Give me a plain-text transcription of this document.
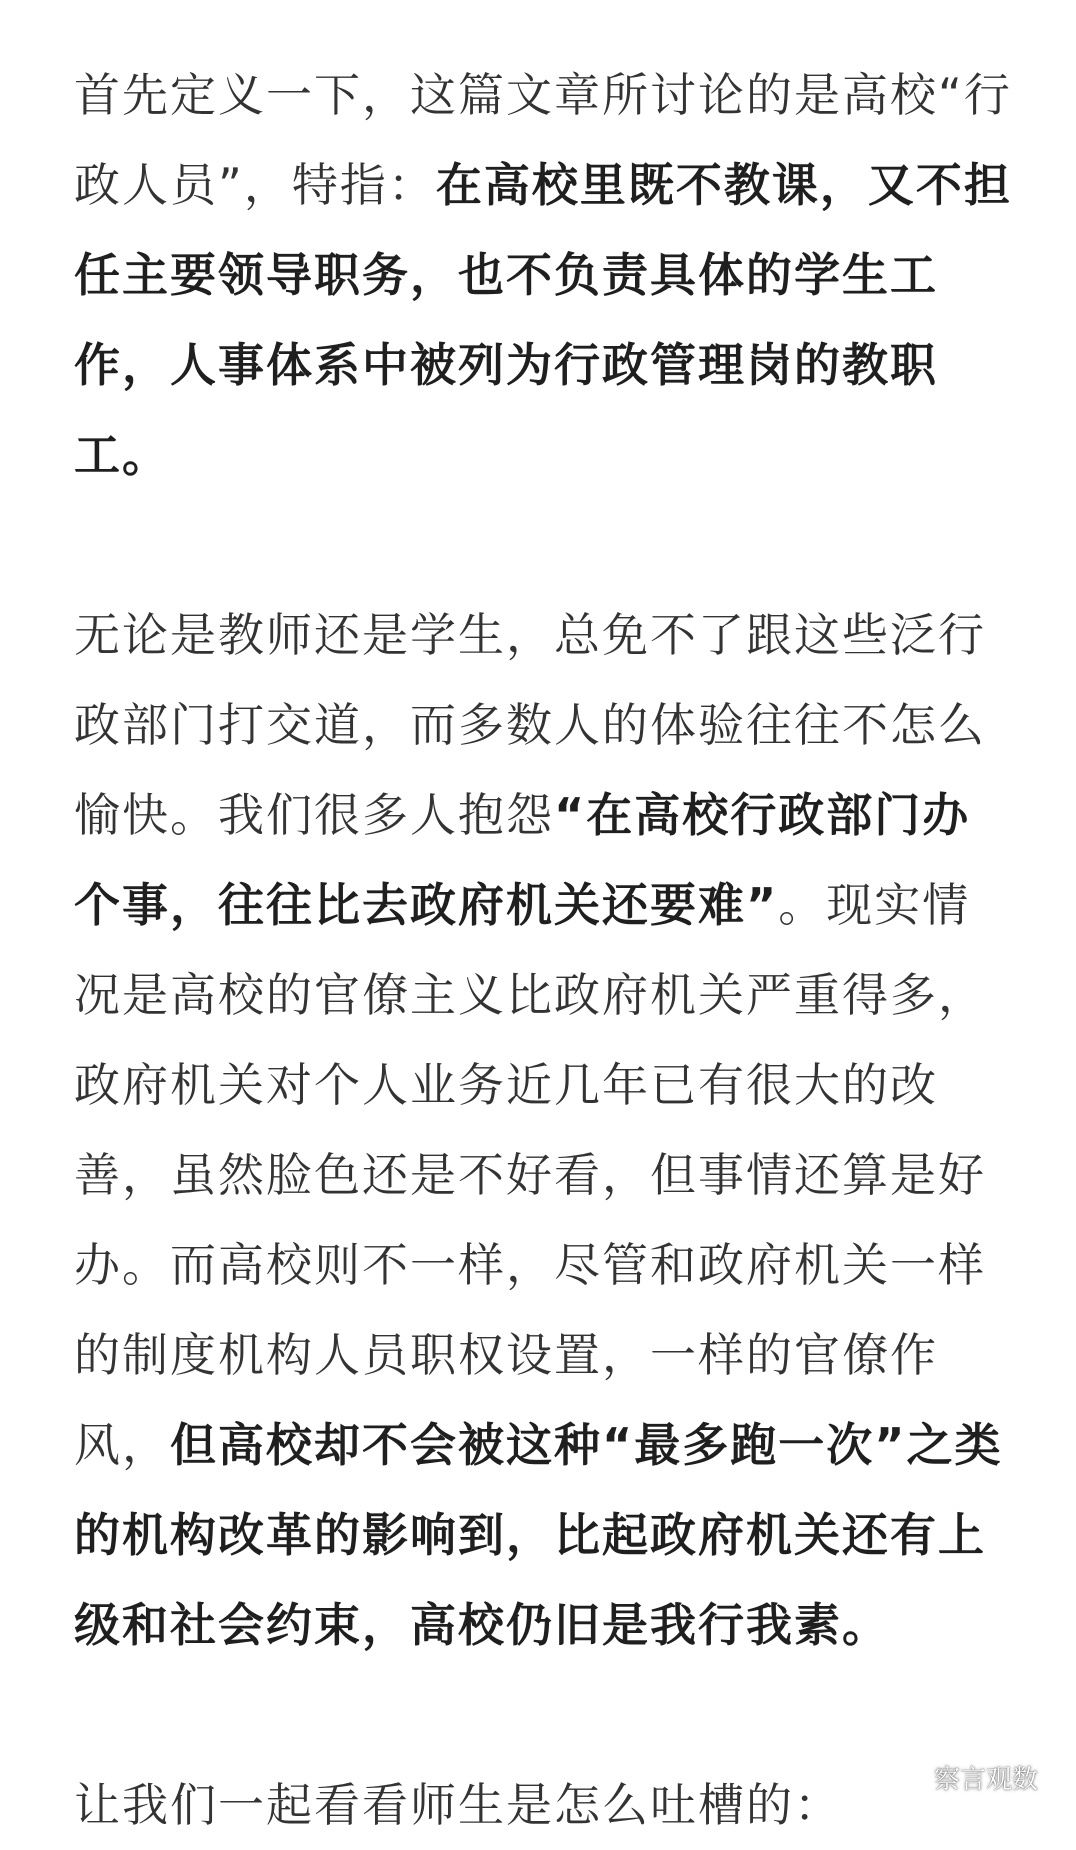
首先定义一下，这篇文章所讨论的是高校“行政人员”，特指：在高校里既不教课，又不担任主要领导职务，也不负责具体的学生工作，人事体系中被列为行政管理岗的教职工。

无论是教师还是学生，总免不了跟这些泛行政部门打交道，而多数人的体验往往不怎么愉快。我们很多人抱怨“在高校行政部门办个事，往往比去政府机关还要难”。现实情况是高校的官僚主义比政府机关严重得多，政府机关对个人业务近几年已有很大的改善，虽然脸色还是不好看，但事情还算是好办。而高校则不一样，尽管和政府机关一样的制度机构人员职权设置，一样的官僚作风，但高校却不会被这种“最多跑一次”之类的机构改革的影响到，比起政府机关还有上级和社会约束，高校仍旧是我行我素。

让我们一起看看师生是怎么吐槽的：	察言观数
